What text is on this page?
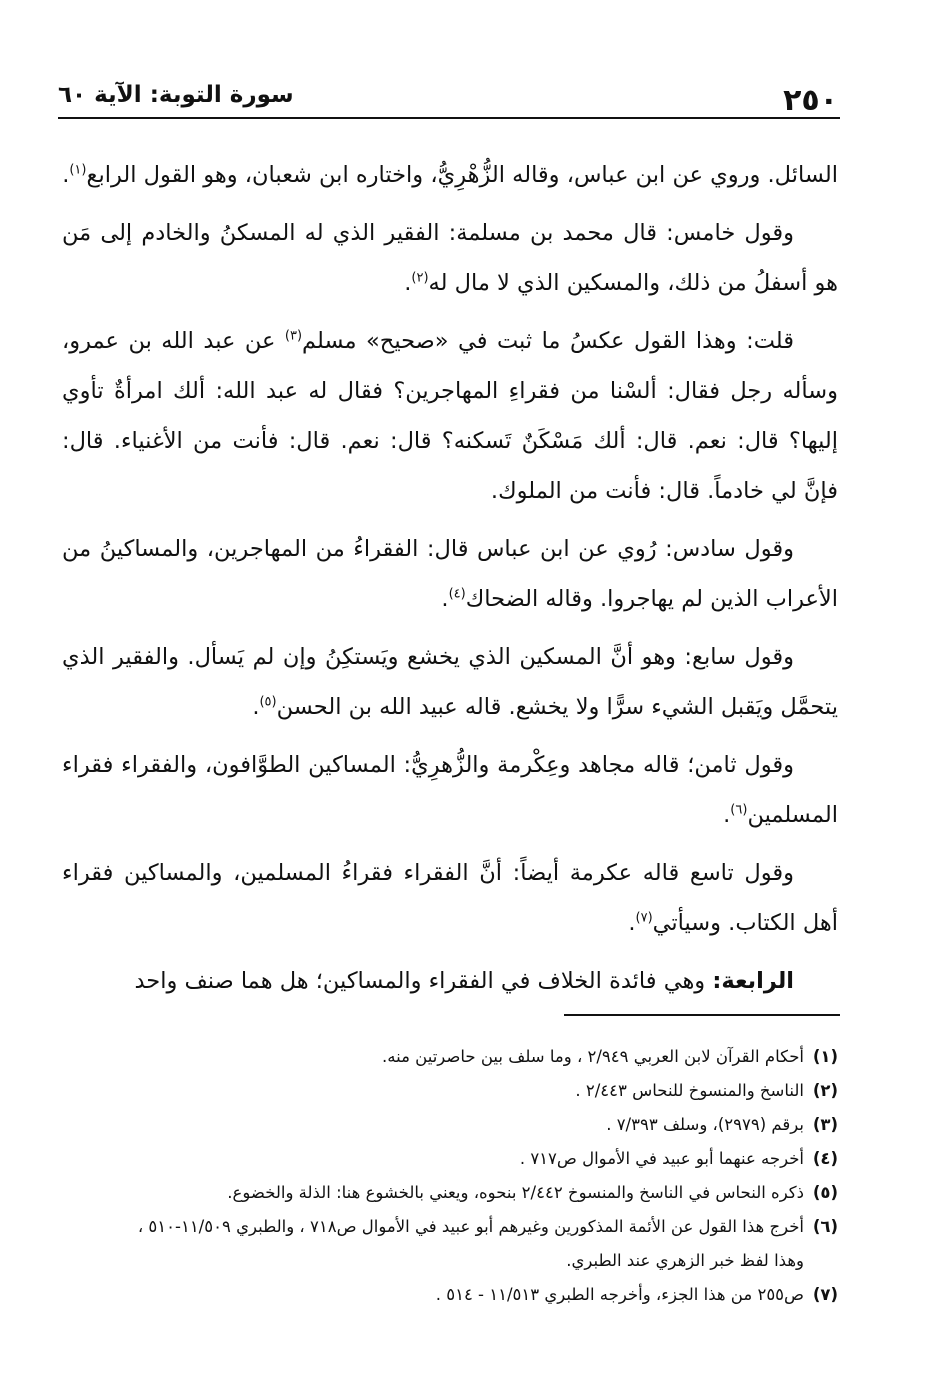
٢٥٠
سورة التوبة: الآية ٦٠

السائل. وروي عن ابن عباس، وقاله الزُّهْرِيُّ، واختاره ابن شعبان، وهو القول الرابع$^{(١)}$.

وقول خامس: قال محمد بن مسلمة: الفقير الذي له المسكنُ والخادم إلى مَن هو أسفلُ من ذلك، والمسكين الذي لا مال له$^{(٢)}$.

قلت: وهذا القول عكسُ ما ثبت في «صحيح» مسلم$^{(٣)}$ عن عبد الله بن عمرو، وسأله رجل فقال: ألسْنا من فقراءِ المهاجرين؟ فقال له عبد الله: ألك امرأةٌ تأوي إليها؟ قال: نعم. قال: ألك مَسْكَنٌ تَسكنه؟ قال: نعم. قال: فأنت من الأغنياء. قال: فإنَّ لي خادماً. قال: فأنت من الملوك.

وقول سادس: رُوي عن ابن عباس قال: الفقراءُ من المهاجرين، والمساكينُ من الأعراب الذين لم يهاجروا. وقاله الضحاك$^{(٤)}$.

وقول سابع: وهو أنَّ المسكين الذي يخشع ويَستكِنُ وإن لم يَسأل. والفقير الذي يتحمَّل ويَقبل الشيء سرًّا ولا يخشع. قاله عبيد الله بن الحسن$^{(٥)}$.

وقول ثامن؛ قاله مجاهد وعِكْرمة والزُّهرِيُّ: المساكين الطوَّافون، والفقراء فقراء المسلمين$^{(٦)}$.

وقول تاسع قاله عكرمة أيضاً: أنَّ الفقراء فقراءُ المسلمين، والمساكين فقراء أهل الكتاب. وسيأتي$^{(٧)}$.

الرابعة: وهي فائدة الخلاف في الفقراء والمساكين؛ هل هما صنف واحد

(١)أحكام القرآن لابن العربي ٢/٩٤٩ ، وما سلف بين حاصرتين منه.

(٢)الناسخ والمنسوخ للنحاس ٢/٤٤٣ .

(٣)برقم (٢٩٧٩)، وسلف ٧/٣٩٣ .

(٤)أخرجه عنهما أبو عبيد في الأموال ص٧١٧ .

(٥)ذكره النحاس في الناسخ والمنسوخ ٢/٤٤٢ بنحوه، ويعني بالخشوع هنا: الذلة والخضوع.

(٦)أخرج هذا القول عن الأئمة المذكورين وغيرهم أبو عبيد في الأموال ص٧١٨ ، والطبري ١١/٥٠٩-٥١٠ ،

وهذا لفظ خبر الزهري عند الطبري.

(٧)ص٢٥٥ من هذا الجزء، وأخرجه الطبري ١١/٥١٣ - ٥١٤ .
